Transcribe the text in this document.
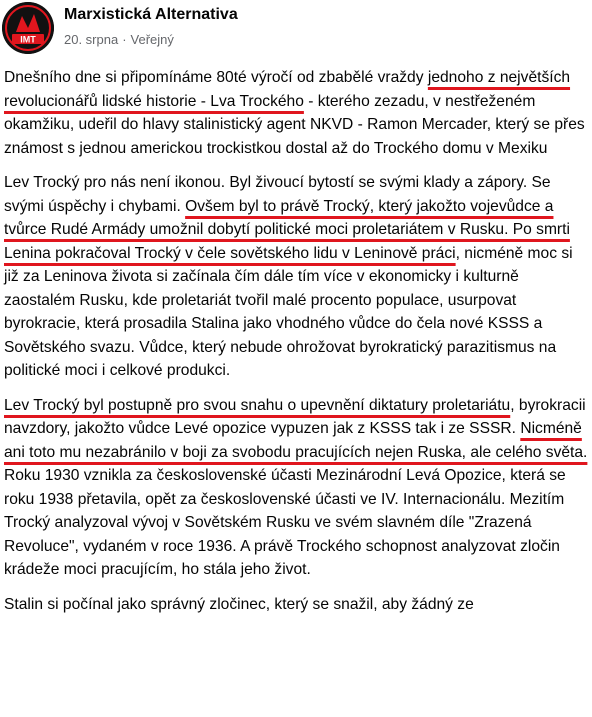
IMT
Marxistická Alternativa
20. srpna · Veřejný

Dnešního dne si připomínáme 80té výročí od zbabělé vraždy jednoho z největších revolucionářů lidské historie - Lva Trockého - kterého zezadu, v nestřeženém okamžiku, udeřil do hlavy stalinistický agent NKVD - Ramon Mercader, který se přes známost s jednou americkou trockistkou dostal až do Trockého domu v Mexiku

Lev Trocký pro nás není ikonou. Byl živoucí bytostí se svými klady a zápory. Se svými úspěchy i chybami. Ovšem byl to právě Trocký, který jakožto vojevůdce a tvůrce Rudé Armády umožnil dobytí politické moci proletariátem v Rusku. Po smrti Lenina pokračoval Trocký v čele sovětského lidu v Leninově práci, nicméně moc si již za Leninova života si začínala čím dále tím více v ekonomicky i kulturně zaostalém Rusku, kde proletariát tvořil malé procento populace, usurpovat byrokracie, která prosadila Stalina jako vhodného vůdce do čela nové KSSS a Sovětského svazu. Vůdce, který nebude ohrožovat byrokratický parazitismus na politické moci i celkové produkci.

Lev Trocký byl postupně pro svou snahu o upevnění diktatury proletariátu, byrokracii navzdory, jakožto vůdce Levé opozice vypuzen jak z KSSS tak i ze SSSR. Nicméně ani toto mu nezabránilo v boji za svobodu pracujících nejen Ruska, ale celého světa. Roku 1930 vznikla za československé účasti Mezinárodní Levá Opozice, která se roku 1938 přetavila, opět za československé účasti ve IV. Internacionálu. Mezitím Trocký analyzoval vývoj v Sovětském Rusku ve svém slavném díle "Zrazená Revoluce", vydaném v roce 1936. A právě Trockého schopnost analyzovat zločin krádeže moci pracujícím, ho stála jeho život.

Stalin si počínal jako správný zločinec, který se snažil, aby žádný ze
